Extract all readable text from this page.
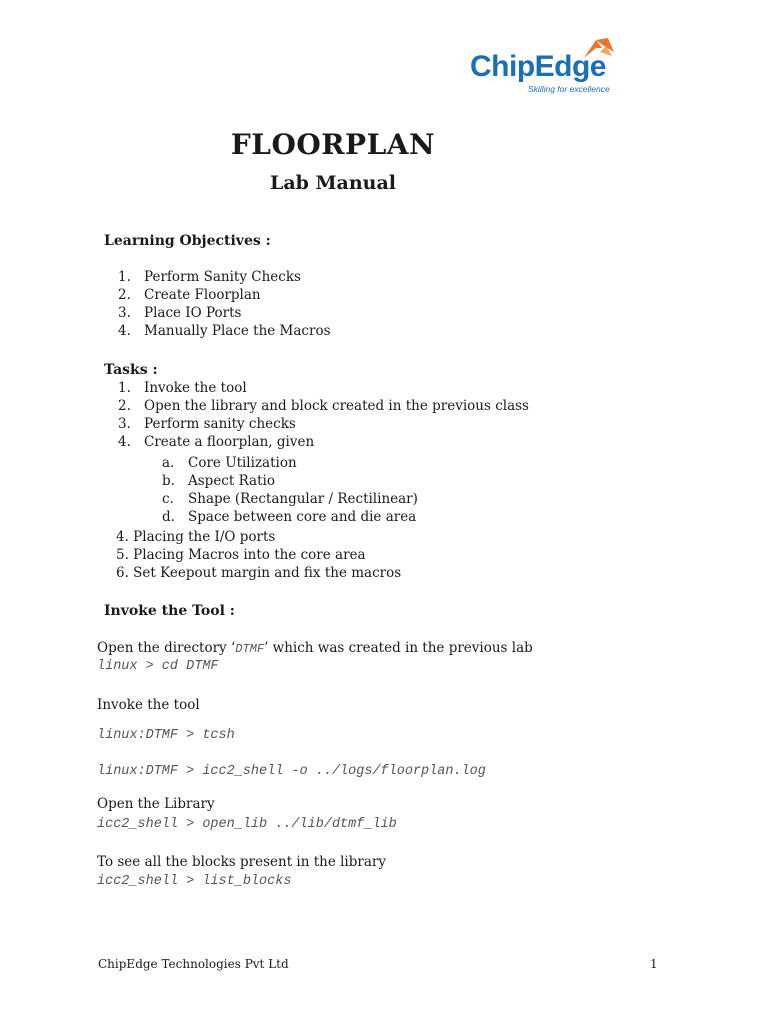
ChipEdge
Skilling for excellence
FLOORPLAN
Lab Manual
Learning Objectives :
1. Perform Sanity Checks
2. Create Floorplan
3. Place IO Ports
4. Manually Place the Macros
Tasks :
1. Invoke the tool
2. Open the library and block created in the previous class
3. Perform sanity checks
4. Create a floorplan, given
a.	Core Utilization
b. Aspect Ratio
c.	Shape (Rectangular / Rectilinear)
d. Space between core and die area
4. Placing the I/O ports
5. Placing Macros into the core area
6. Set Keepout margin and fix the macros
Invoke the Tool :
Open the directory ‘DTMF’ which was created in the previous lab
linux > cd DTMF
Invoke the tool
linux:DTMF > tcsh
linux:DTMF > icc2_shell -o ../logs/floorplan.log
Open the Library
icc2_shell > open_lib ../lib/dtmf_lib
To see all the blocks present in the library
icc2_shell > list_blocks
ChipEdge Technologies Pvt Ltd	1
